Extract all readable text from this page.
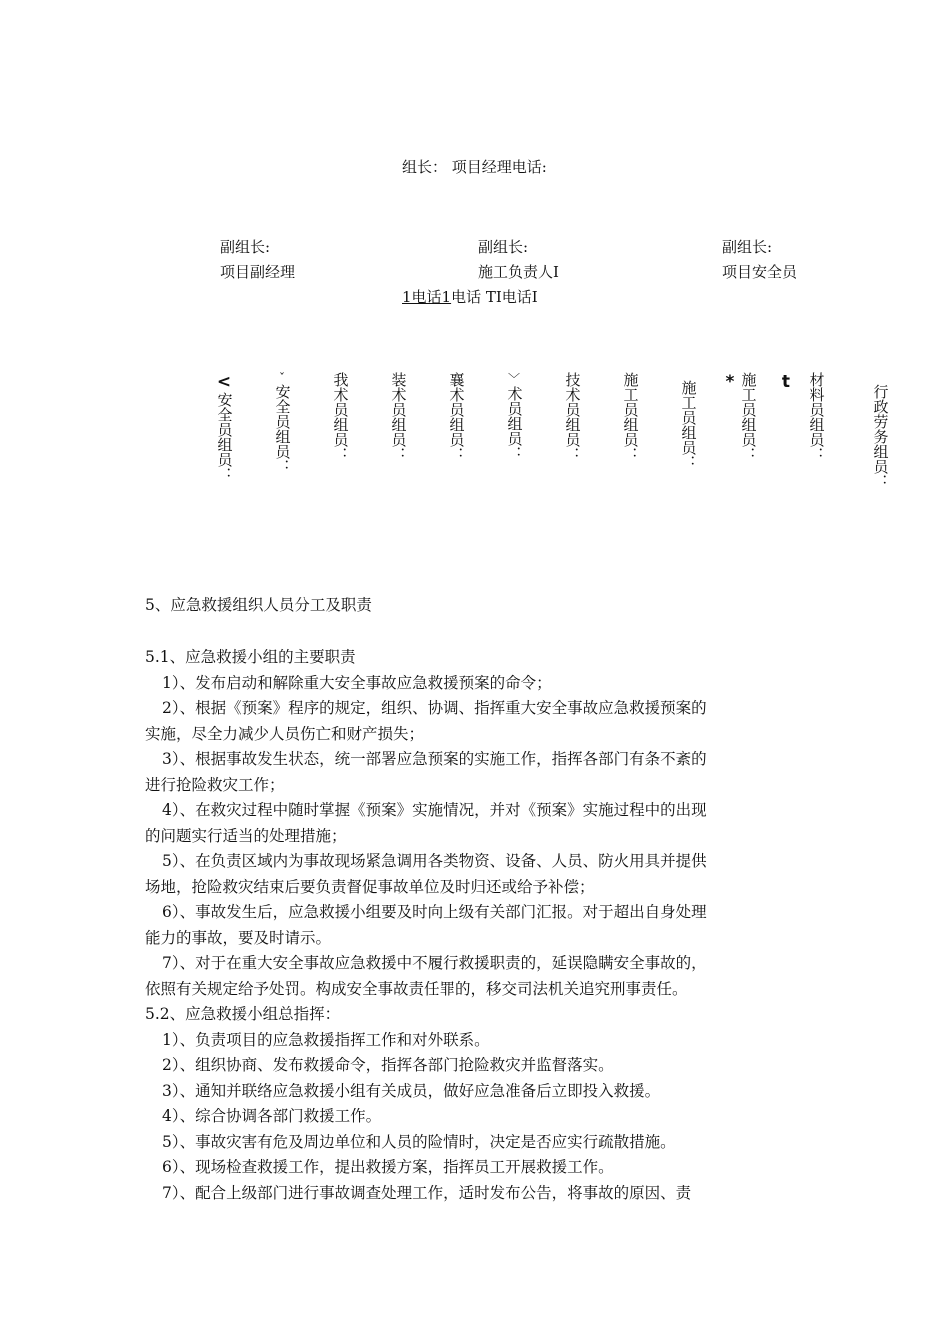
组长： 项目经理电话:
副组长:
项目副经理
副组长:
施工负责人I
副组长:
项目安全员
1电话1电话 TI电话I
<
安全员组员：
ˇ
安全员组员：	我术员组员：	装术员组员：	襄术员组员：	﹀
术员组员：	技术员组员：	施工员组员：	施工员组员：	* 施工员组员：	t	材料员组员：	行政劳务组员：
5、应急救援组织人员分工及职责
5.1、应急救援小组的主要职责
1）、发布启动和解除重大安全事故应急救援预案的命令；
2）、根据《预案》程序的规定，组织、协调、指挥重大安全事故应急救援预案的
实施，尽全力减少人员伤亡和财产损失；
3）、根据事故发生状态，统一部署应急预案的实施工作，指挥各部门有条不紊的
进行抢险救灾工作；
4）、在救灾过程中随时掌握《预案》实施情况，并对《预案》实施过程中的出现
的问题实行适当的处理措施；
5）、在负责区域内为事故现场紧急调用各类物资、设备、人员、防火用具并提供
场地，抢险救灾结束后要负责督促事故单位及时归还或给予补偿；
6）、事故发生后，应急救援小组要及时向上级有关部门汇报。对于超出自身处理
能力的事故，要及时请示。
7）、对于在重大安全事故应急救援中不履行救援职责的，延误隐瞒安全事故的，
依照有关规定给予处罚。构成安全事故责任罪的，移交司法机关追究刑事责任。
5.2、应急救援小组总指挥：
1）、负责项目的应急救援指挥工作和对外联系。
2）、组织协商、发布救援命令，指挥各部门抢险救灾并监督落实。
3）、通知并联络应急救援小组有关成员，做好应急准备后立即投入救援。
4）、综合协调各部门救援工作。
5）、事故灾害有危及周边单位和人员的险情时，决定是否应实行疏散措施。
6）、现场检查救援工作，提出救援方案，指挥员工开展救援工作。
7）、配合上级部门进行事故调查处理工作，适时发布公告，将事故的原因、责
